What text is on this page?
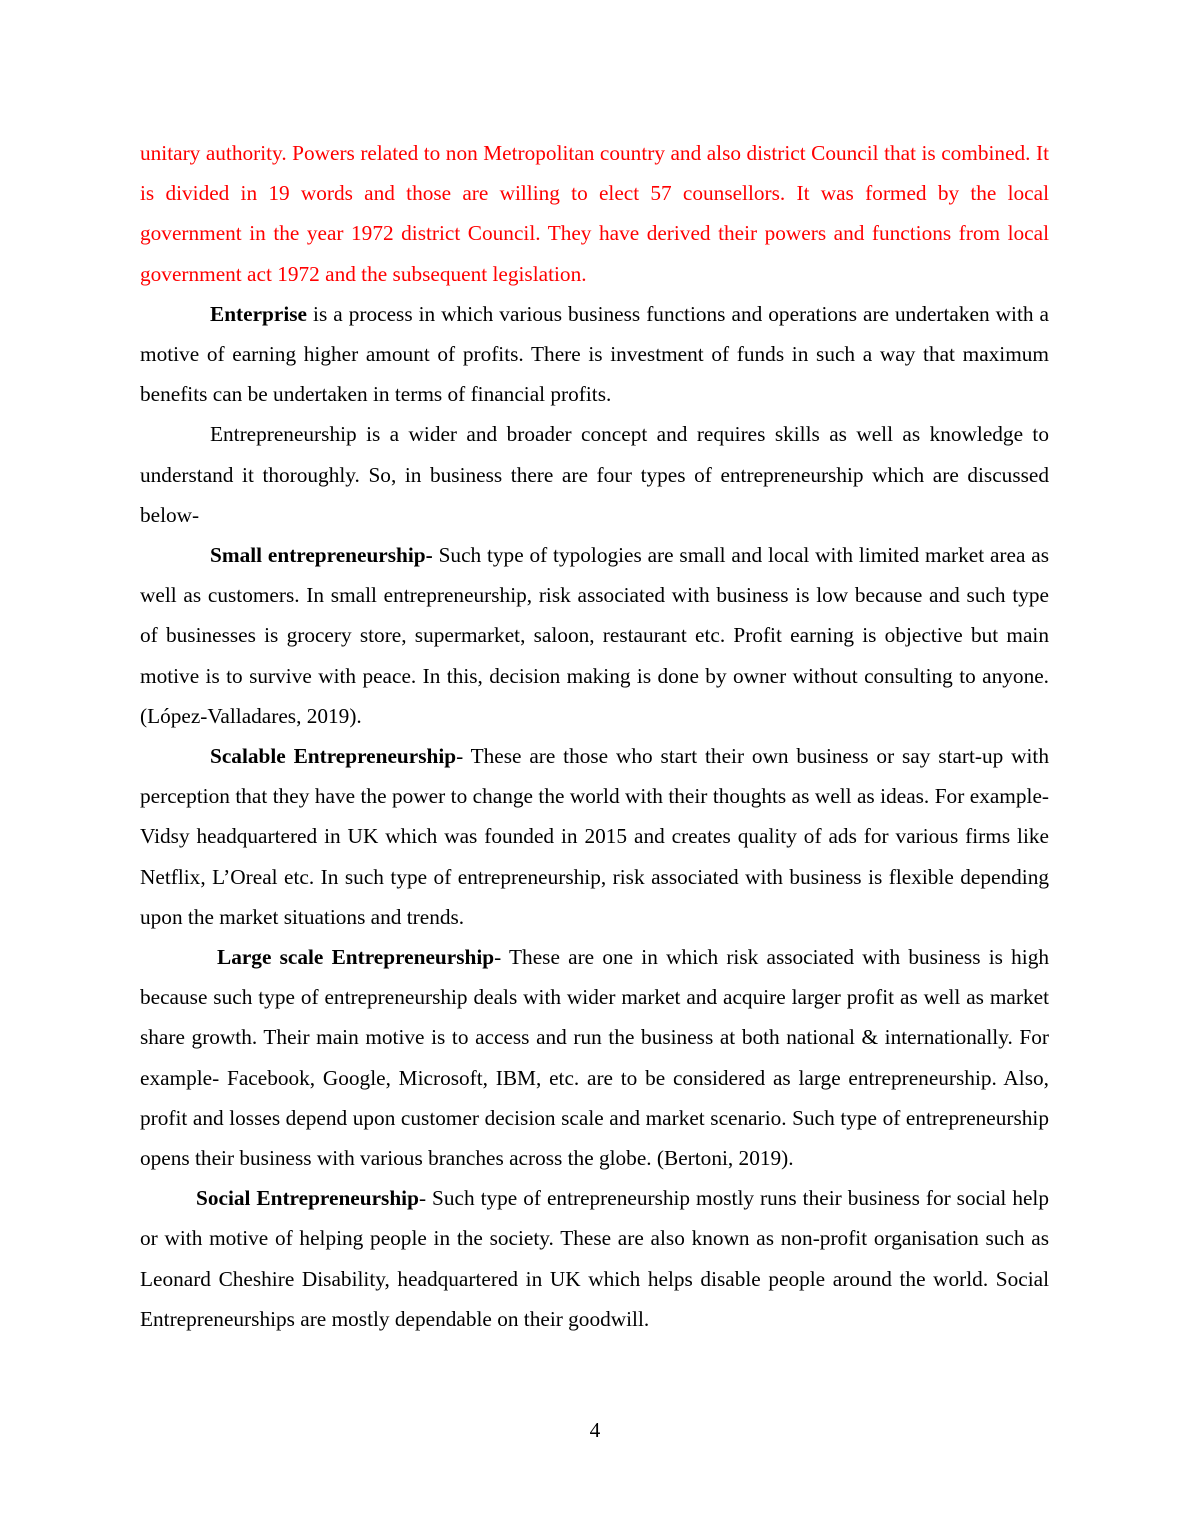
unitary authority. Powers related to non Metropolitan country and also district Council that is combined. It is divided in 19 words and those are willing to elect 57 counsellors. It was formed by the local government in the year 1972 district Council. They have derived their powers and functions from local government act 1972 and the subsequent legislation.

Enterprise is a process in which various business functions and operations are undertaken with a motive of earning higher amount of profits. There is investment of funds in such a way that maximum benefits can be undertaken in terms of financial profits.

Entrepreneurship is a wider and broader concept and requires skills as well as knowledge to understand it thoroughly. So, in business there are four types of entrepreneurship which are discussed below-

Small entrepreneurship- Such type of typologies are small and local with limited market area as well as customers. In small entrepreneurship, risk associated with business is low because and such type of businesses is grocery store, supermarket, saloon, restaurant etc. Profit earning is objective but main motive is to survive with peace. In this, decision making is done by owner without consulting to anyone. (López-Valladares, 2019).

Scalable Entrepreneurship- These are those who start their own business or say start-up with perception that they have the power to change the world with their thoughts as well as ideas. For example- Vidsy headquartered in UK which was founded in 2015 and creates quality of ads for various firms like Netflix, L’Oreal etc. In such type of entrepreneurship, risk associated with business is flexible depending upon the market situations and trends.

Large scale Entrepreneurship- These are one in which risk associated with business is high because such type of entrepreneurship deals with wider market and acquire larger profit as well as market share growth. Their main motive is to access and run the business at both national & internationally. For example- Facebook, Google, Microsoft, IBM, etc. are to be considered as large entrepreneurship. Also, profit and losses depend upon customer decision scale and market scenario. Such type of entrepreneurship opens their business with various branches across the globe. (Bertoni, 2019).

Social Entrepreneurship- Such type of entrepreneurship mostly runs their business for social help or with motive of helping people in the society. These are also known as non-profit organisation such as Leonard Cheshire Disability, headquartered in UK which helps disable people around the world. Social Entrepreneurships are mostly dependable on their goodwill.

4
